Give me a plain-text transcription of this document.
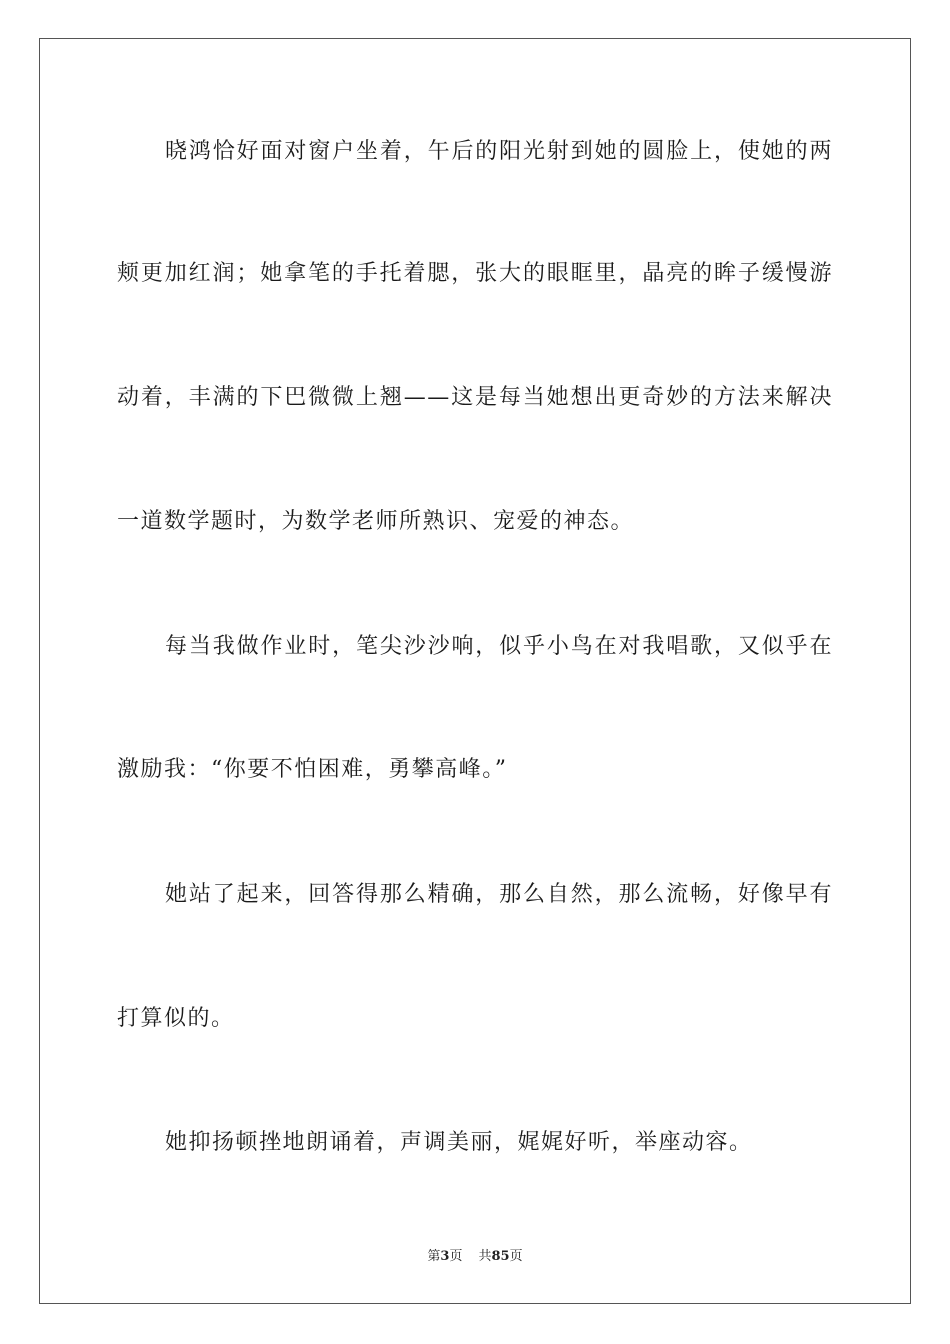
晓鸿恰好面对窗户坐着，午后的阳光射到她的圆脸上，使她的两
颊更加红润；她拿笔的手托着腮，张大的眼眶里，晶亮的眸子缓慢游
动着，丰满的下巴微微上翘——这是每当她想出更奇妙的方法来解决
一道数学题时，为数学老师所熟识、宠爱的神态。
每当我做作业时，笔尖沙沙响，似乎小鸟在对我唱歌，又似乎在
激励我：“你要不怕困难，勇攀高峰。”
她站了起来，回答得那么精确，那么自然，那么流畅，好像早有
打算似的。
她抑扬顿挫地朗诵着，声调美丽，娓娓好听，举座动容。
第3页 共85页
